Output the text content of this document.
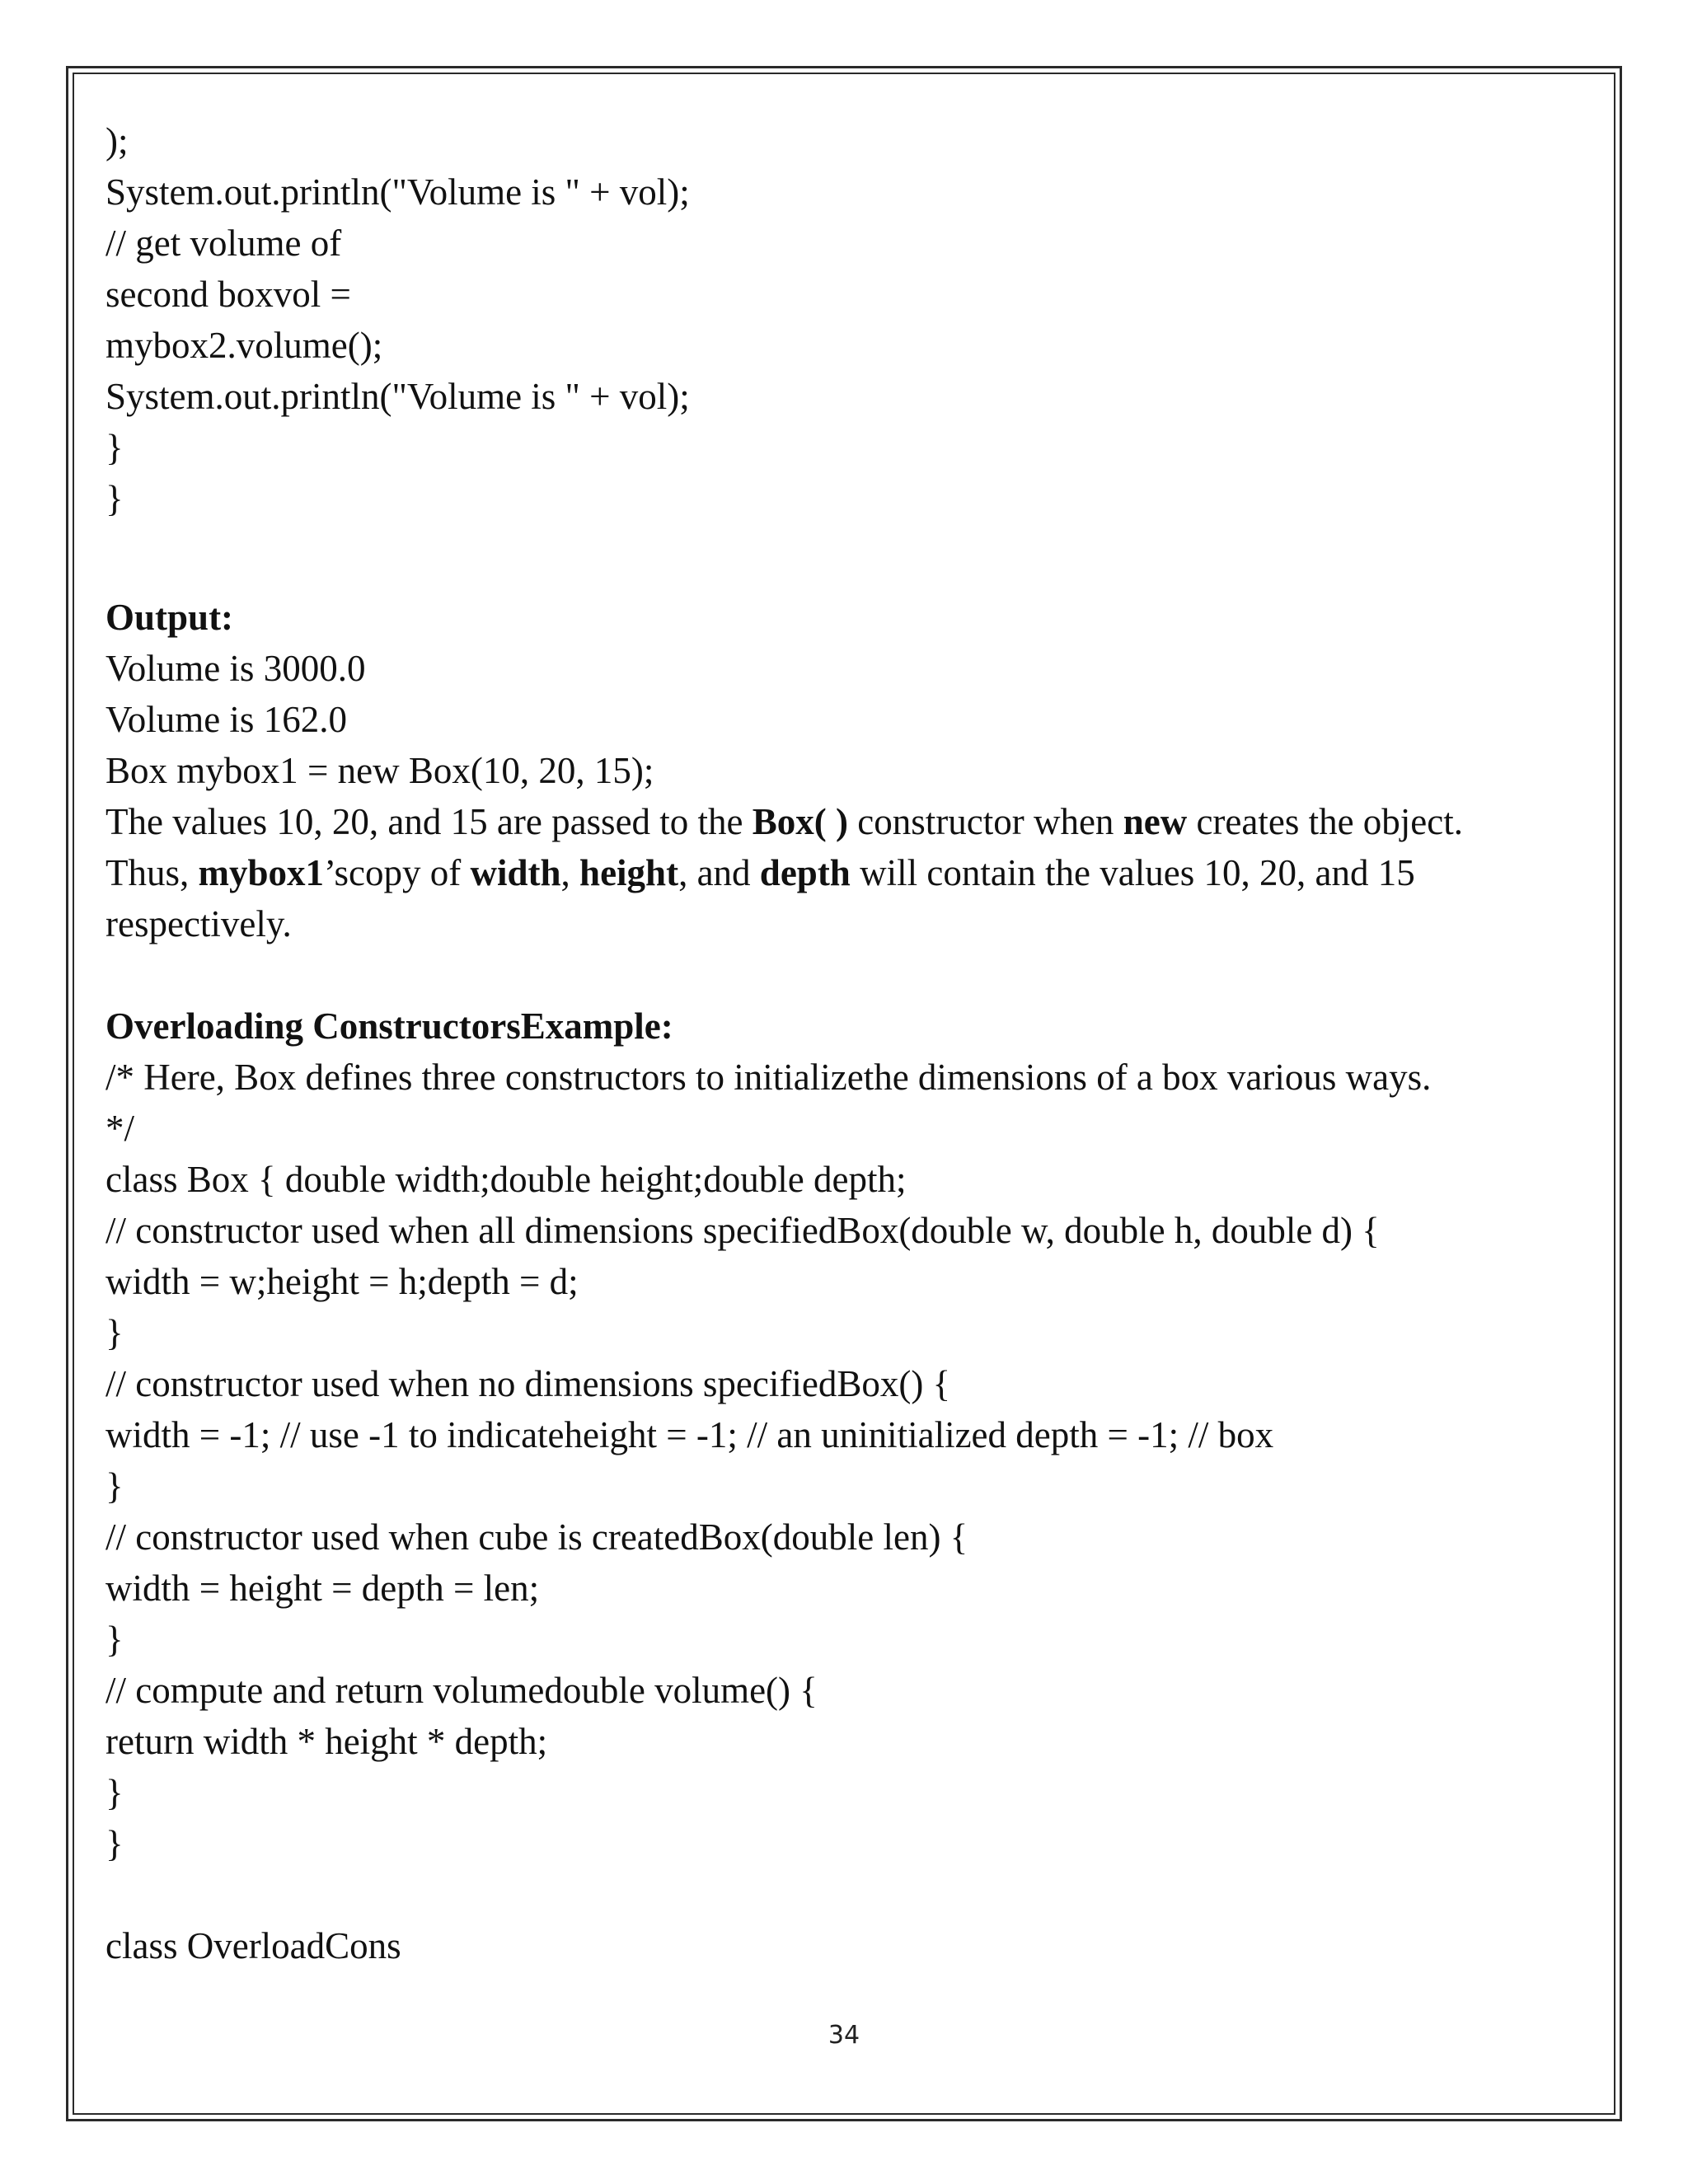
);
System.out.println("Volume is " + vol);
// get volume of
second boxvol =
mybox2.volume();
System.out.println("Volume is " + vol);
}
}
Output:
Volume is 3000.0
Volume is 162.0
Box mybox1 = new Box(10, 20, 15);
The values 10, 20, and 15 are passed to the Box( ) constructor when new creates the object. Thus, mybox1’scopy of width, height, and depth will contain the values 10, 20, and 15 respectively.
Overloading ConstructorsExample:
/* Here, Box defines three constructors to initializethe dimensions of a box various ways.
*/
class Box { double width;double height;double depth;
// constructor used when all dimensions specifiedBox(double w, double h, double d) {
width = w;height = h;depth = d;
}
// constructor used when no dimensions specifiedBox() {
width = -1; // use -1 to indicateheight = -1; // an uninitialized depth = -1; // box
}
// constructor used when cube is createdBox(double len) {
width = height = depth = len;
}
// compute and return volumedouble volume() {
return width * height * depth;
}
}
class OverloadCons
34
